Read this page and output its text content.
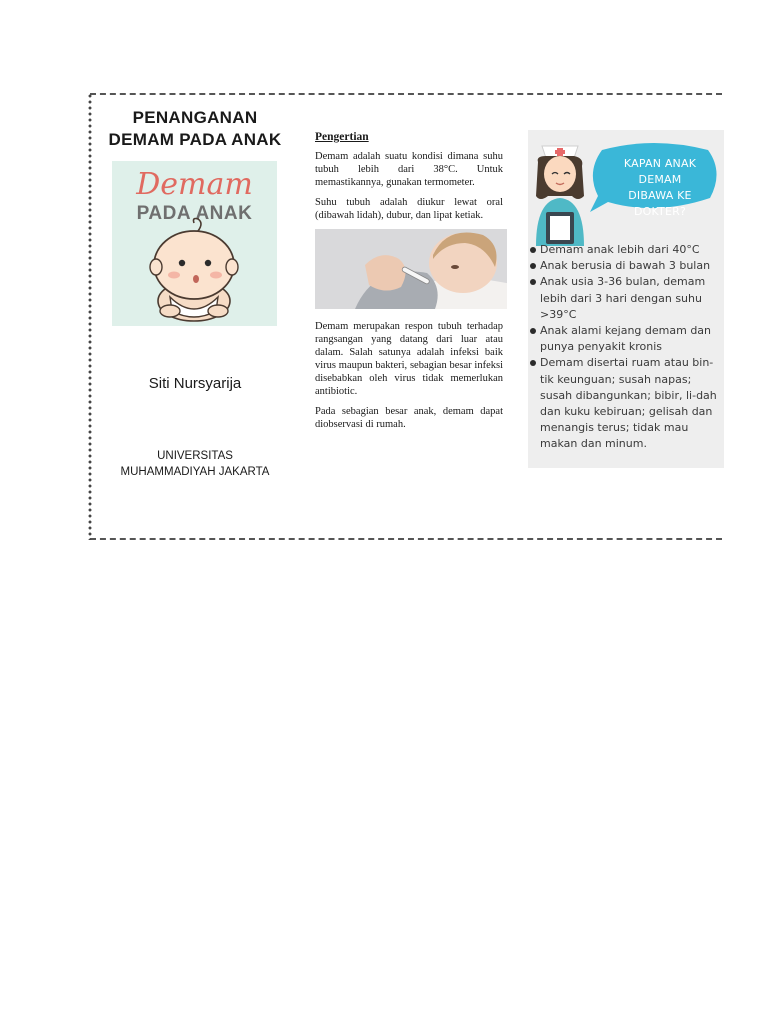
PENANGANAN
DEMAM PADA ANAK
Demam
PADA ANAK
Siti Nursyarija
UNIVERSITAS
MUHAMMADIYAH JAKARTA
Pengertian

Demam adalah suatu kondisi dimana suhu tubuh lebih dari 38°C. Untuk memastikannya, gunakan termometer.

Suhu tubuh adalah diukur lewat oral (dibawah lidah), dubur, dan lipat ketiak.

Demam merupakan respon tubuh terhadap rangsangan yang datang dari luar atau dalam. Salah satunya adalah infeksi baik virus maupun bakteri, sebagian besar infeksi disebabkan oleh virus tidak memerlukan antibiotic.

Pada sebagian besar anak, demam dapat diobservasi di rumah.

KAPAN ANAK DEMAM
DIBAWA KE DOKTER?
Demam anak lebih dari 40°C
Anak berusia di bawah 3 bulan
Anak usia 3-36 bulan, demam lebih dari 3 hari dengan suhu >39°C
Anak alami kejang demam dan punya penyakit kronis
Demam disertai ruam atau bin-tik keunguan; susah napas; susah dibangunkan; bibir, li-dah dan kuku kebiruan; gelisah dan menangis terus; tidak mau makan dan minum.
